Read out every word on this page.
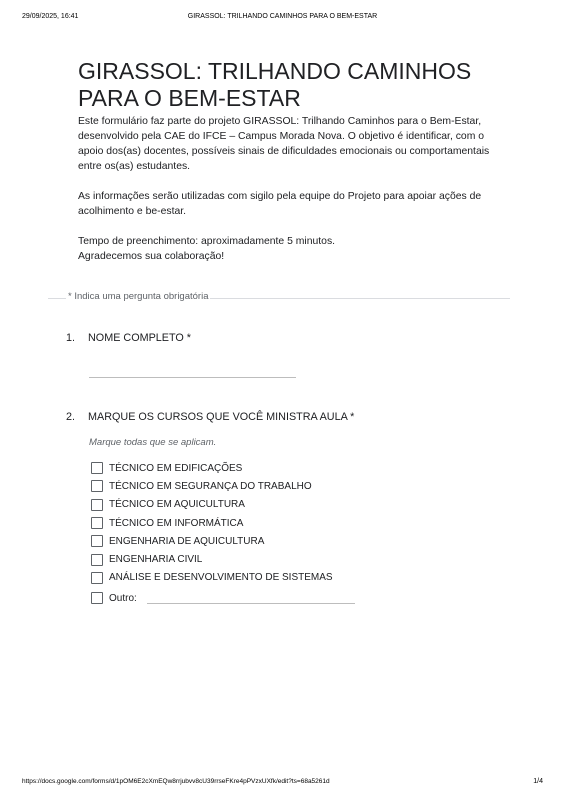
29/09/2025, 16:41	GIRASSOL: TRILHANDO CAMINHOS PARA O BEM-ESTAR
GIRASSOL: TRILHANDO CAMINHOS
PARA O BEM-ESTAR

Este formulário faz parte do projeto GIRASSOL: Trilhando Caminhos para o Bem-Estar, desenvolvido pela CAE do IFCE – Campus Morada Nova. O objetivo é identificar, com o apoio dos(as) docentes, possíveis sinais de dificuldades emocionais ou comportamentais entre os(as) estudantes.

As informações serão utilizadas com sigilo pela equipe do Projeto para apoiar ações de acolhimento e be-estar.

Tempo de preenchimento: aproximadamente 5 minutos.

Agradecemos sua colaboração!

* Indica uma pergunta obrigatória
1. NOME COMPLETO *
2. MARQUE OS CURSOS QUE VOCÊ MINISTRA AULA *
Marque todas que se aplicam.
TÉCNICO EM EDIFICAÇÕES
TÉCNICO EM SEGURANÇA DO TRABALHO
TÉCNICO EM AQUICULTURA
TÉCNICO EM INFORMÁTICA
ENGENHARIA DE AQUICULTURA
ENGENHARIA CIVIL
ANÁLISE E DESENVOLVIMENTO DE SISTEMAS
Outro:
https://docs.google.com/forms/d/1pOM6E2cXmEQw8rrjubvv8cU39rrseFKre4pPVzxUXfk/edit?ts=68a5261d	1/4
